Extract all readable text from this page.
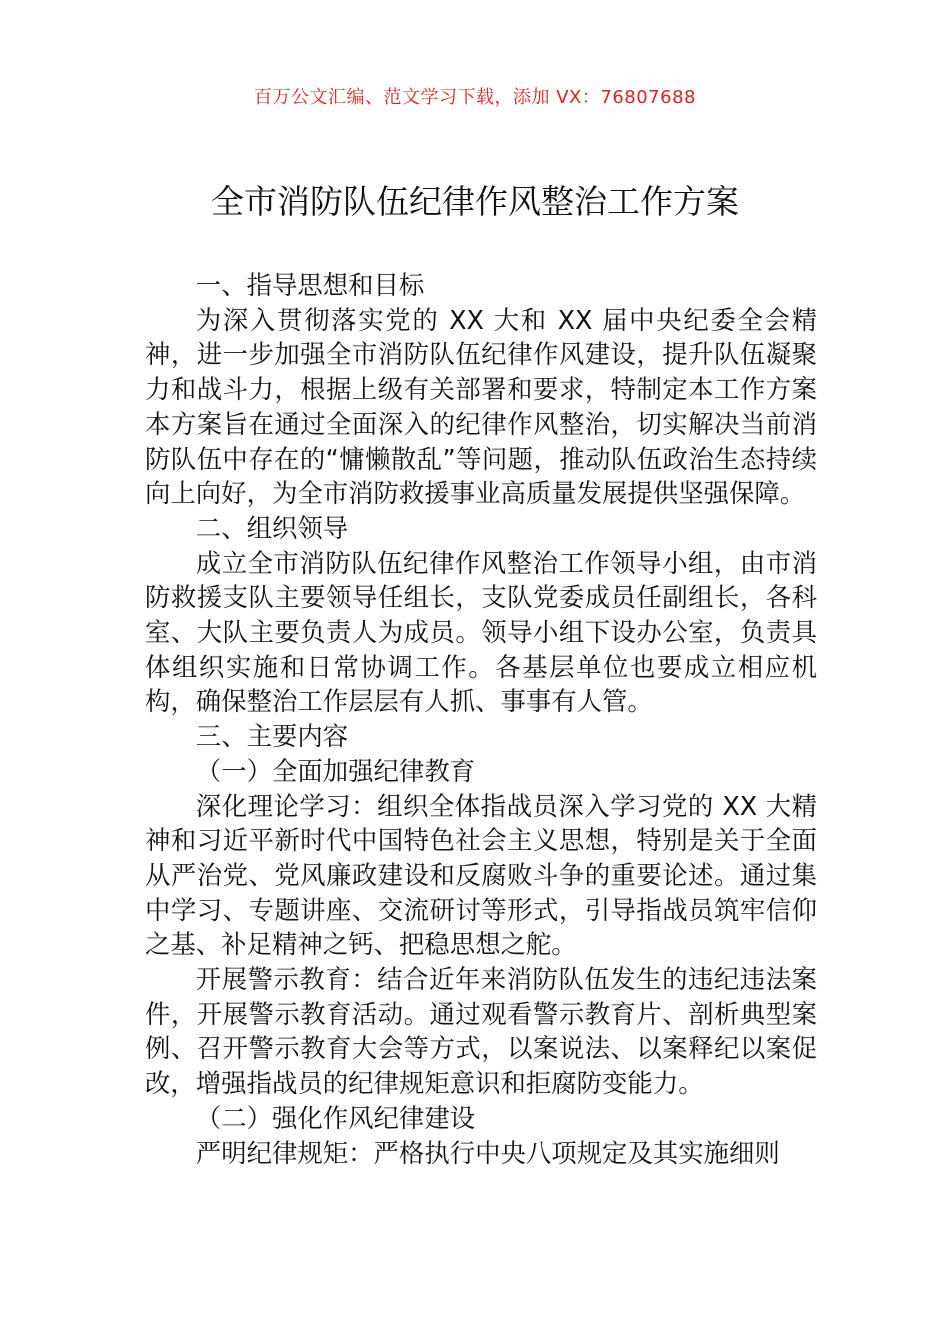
百万公文汇编、范文学习下载，添加 VX：76807688
全市消防队伍纪律作风整治工作方案

一、指导思想和目标

为深入贯彻落实党的 XX 大和 XX 届中央纪委全会精神，进一步加强全市消防队伍纪律作风建设，提升队伍凝聚力和战斗力，根据上级有关部署和要求，特制定本工作方案本方案旨在通过全面深入的纪律作风整治，切实解决当前消防队伍中存在的“慵懒散乱”等问题，推动队伍政治生态持续向上向好，为全市消防救援事业高质量发展提供坚强保障。

二、组织领导

成立全市消防队伍纪律作风整治工作领导小组，由市消防救援支队主要领导任组长，支队党委成员任副组长，各科室、大队主要负责人为成员。领导小组下设办公室，负责具体组织实施和日常协调工作。各基层单位也要成立相应机构，确保整治工作层层有人抓、事事有人管。

三、主要内容

（一）全面加强纪律教育

深化理论学习：组织全体指战员深入学习党的 XX 大精神和习近平新时代中国特色社会主义思想，特别是关于全面从严治党、党风廉政建设和反腐败斗争的重要论述。通过集中学习、专题讲座、交流研讨等形式，引导指战员筑牢信仰之基、补足精神之钙、把稳思想之舵。

开展警示教育：结合近年来消防队伍发生的违纪违法案件，开展警示教育活动。通过观看警示教育片、剖析典型案例、召开警示教育大会等方式，以案说法、以案释纪以案促改，增强指战员的纪律规矩意识和拒腐防变能力。

（二）强化作风纪律建设

严明纪律规矩：严格执行中央八项规定及其实施细则
